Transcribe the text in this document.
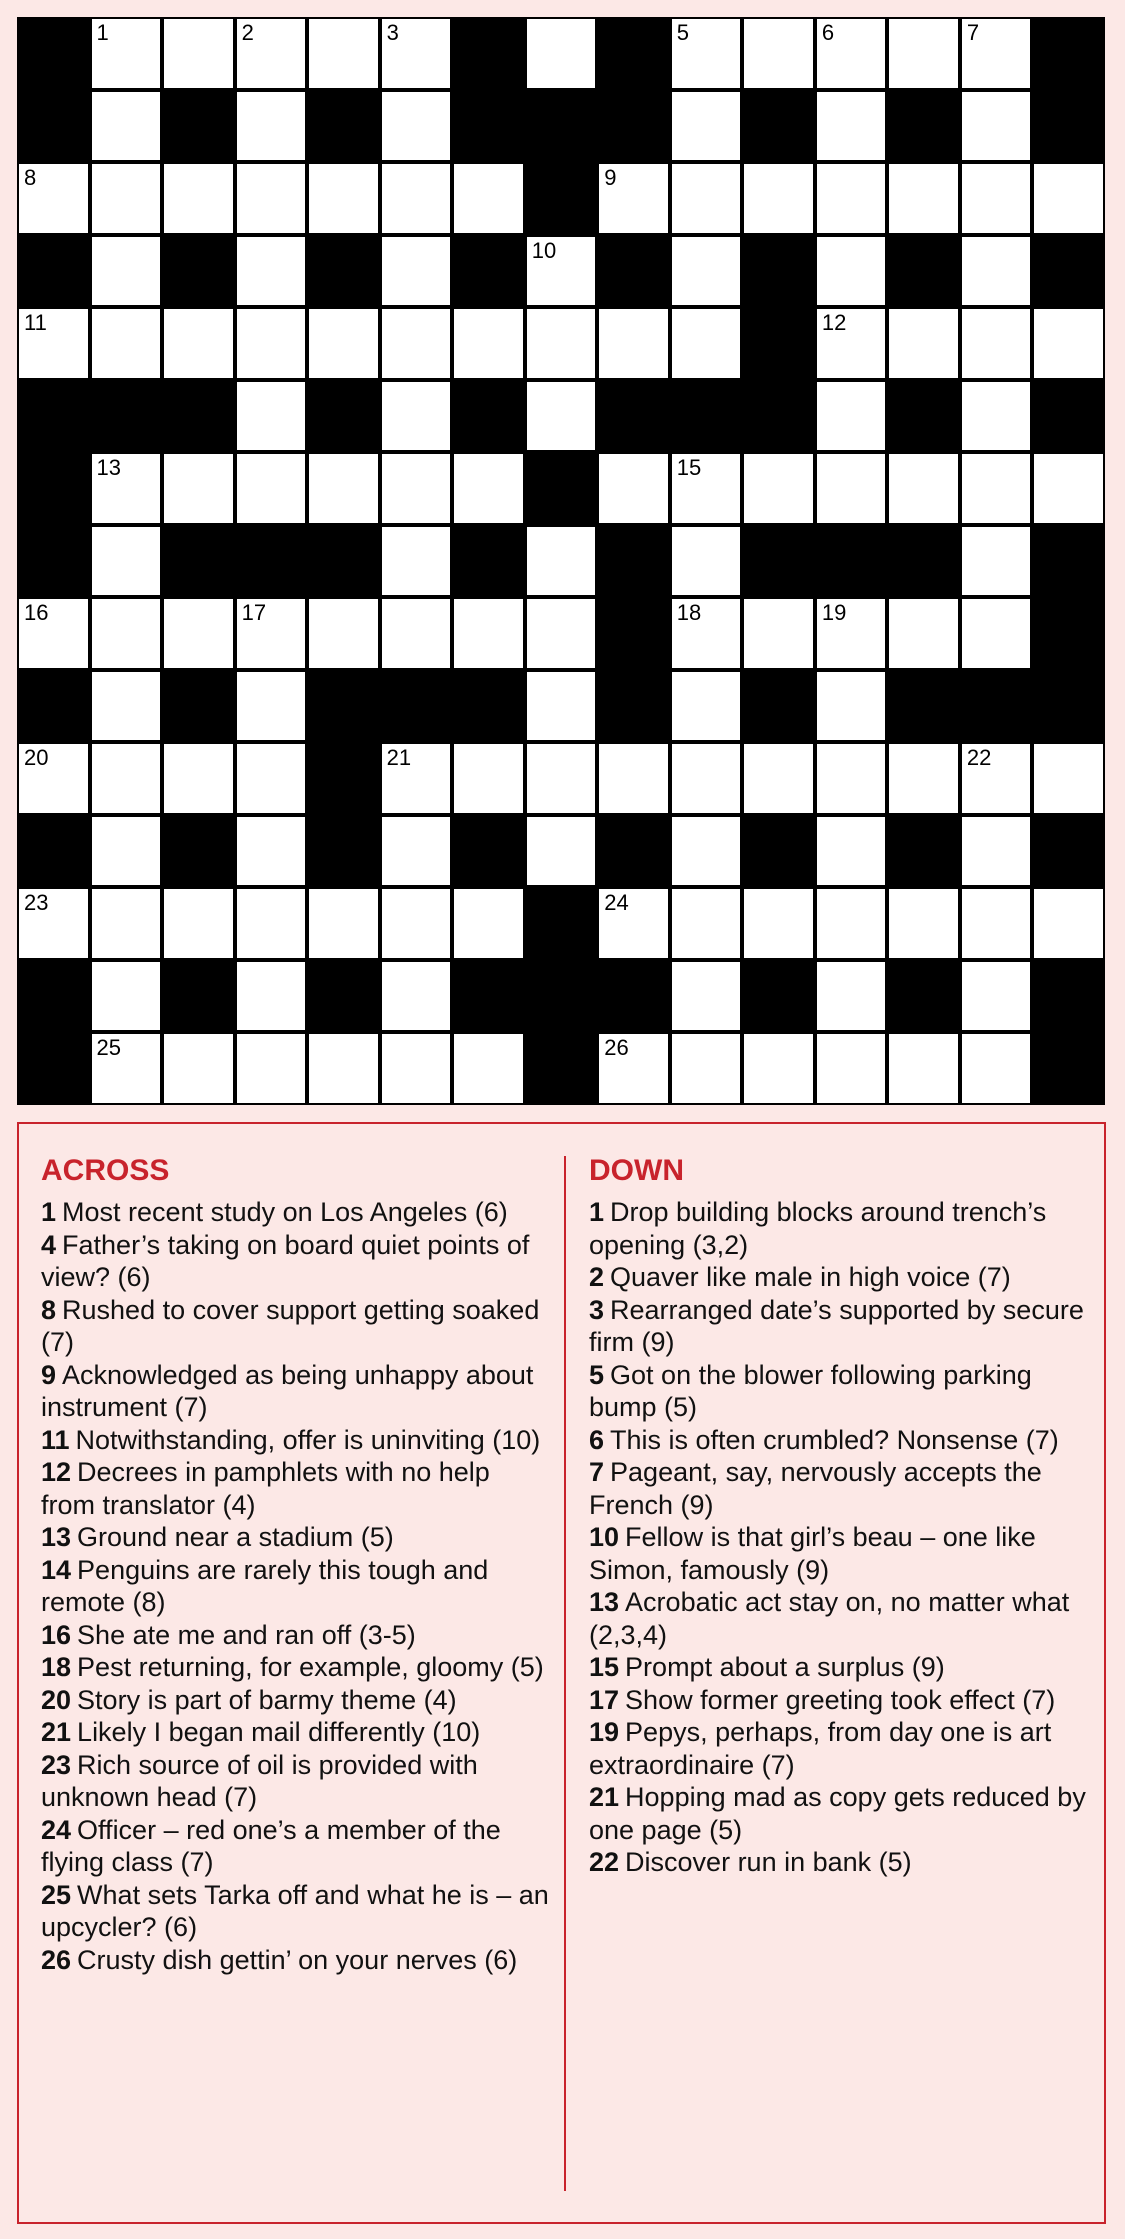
1	2	3	5	6	7
8	9
10
11	12
13	15
16	17	18	19
20	21	22
23	24
25	26
ACROSS

1 Most recent study on Los Angeles (6)

4 Father’s taking on board quiet points of view? (6)

8 Rushed to cover support getting soaked (7)

9 Acknowledged as being unhappy about instrument (7)

11 Notwithstanding, offer is uninviting (10)

12 Decrees in pamphlets with no help from translator (4)

13 Ground near a stadium (5)

14 Penguins are rarely this tough and remote (8)

16 She ate me and ran off (3-5)

18 Pest returning, for example, gloomy (5)

20 Story is part of barmy theme (4)

21 Likely I began mail differently (10)

23 Rich source of oil is provided with unknown head (7)

24 Officer – red one’s a member of the flying class (7)

25 What sets Tarka off and what he is – an upcycler? (6)

26 Crusty dish gettin’ on your nerves (6)

DOWN

1 Drop building blocks around trench’s opening (3,2)

2 Quaver like male in high voice (7)

3 Rearranged date’s supported by secure firm (9)

5 Got on the blower following parking bump (5)

6 This is often crumbled? Nonsense (7)

7 Pageant, say, nervously accepts the French (9)

10 Fellow is that girl’s beau – one like Simon, famously (9)

13 Acrobatic act stay on, no matter what (2,3,4)

15 Prompt about a surplus (9)

17 Show former greeting took effect (7)

19 Pepys, perhaps, from day one is art extraordinaire (7)

21 Hopping mad as copy gets reduced by one page (5)

22 Discover run in bank (5)
